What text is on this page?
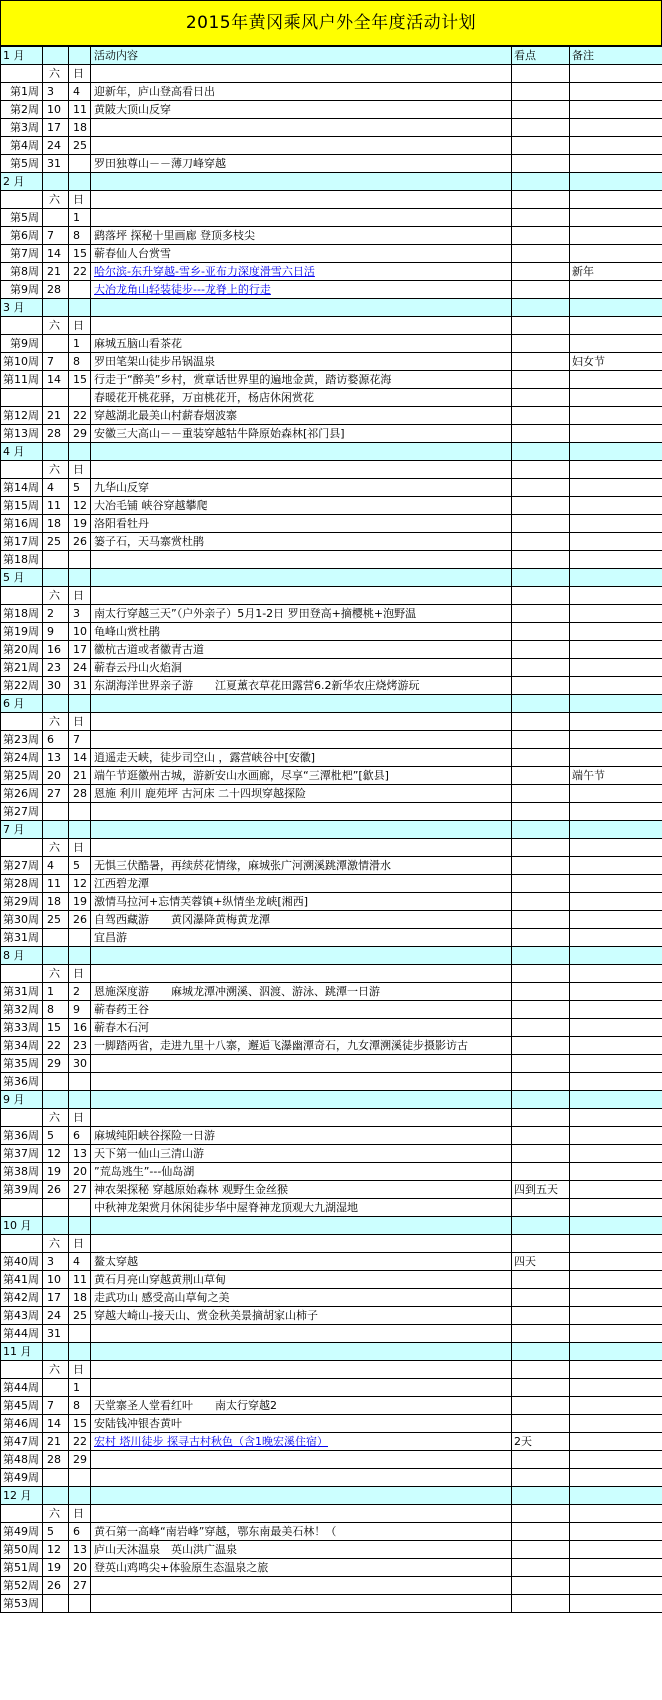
2015年黄冈乘风户外全年度活动计划
1 月			活动内容	看点	备注
	六	日			
第1周	3	4	迎新年，庐山登高看日出		
第2周	10	11	黄陂大顶山反穿		
第3周	17	18			
第4周	24	25			
第5周	31		罗田独尊山－－薄刀峰穿越		
2 月					
	六	日			
第5周		1			
第6周	7	8	鹞落坪 探秘十里画廊 登顶多枝尖		
第7周	14	15	蕲春仙人台赏雪		
第8周	21	22	哈尔滨-东升穿越-雪乡-亚布力深度滑雪六日活		新年
第9周	28		大冶龙角山轻装徒步---龙脊上的行走		
3 月					
	六	日			
第9周		1	麻城五脑山看茶花		
第10周	7	8	罗田笔架山徒步吊锅温泉		妇女节
第11周	14	15	行走于“醉美”乡村，赏章话世界里的遍地金黄，踏访婺源花海		
			春暖花开桃花驿，万亩桃花开，杨店休闲赏花		
第12周	21	22	穿越湖北最美山村薪春烟波寨		
第13周	28	29	安徽三大高山－－重装穿越牯牛降原始森林[祁门县]		
4 月					
	六	日			
第14周	4	5	九华山反穿		
第15周	11	12	大冶毛铺 峡谷穿越攀爬		
第16周	18	19	洛阳看牡丹		
第17周	25	26	篓子石，天马寨赏杜鹃		
第18周					
5 月					
	六	日			
第18周	2	3	南太行穿越三天”（户外亲子）5月1-2日 罗田登高+摘樱桃+泡野温		
第19周	9	10	龟峰山赏杜鹃		
第20周	16	17	徽杭古道或者徽青古道		
第21周	23	24	蕲春云丹山火焰洞		
第22周	30	31	东湖海洋世界亲子游　　江夏薰衣草花田露营6.2新华农庄烧烤游玩		
6 月					
	六	日			
第23周	6	7			
第24周	13	14	逍遥走天峡，徒步司空山 ，露营峡谷中[安徽]		
第25周	20	21	端午节逛徽州古城，游新安山水画廊，尽享“三潭枇杷”[歙县]		端午节
第26周	27	28	恩施 利川 鹿苑坪 古河床 二十四坝穿越探险		
第27周					
7 月					
	六	日			
第27周	4	5	无惧三伏酷暑，再续菸花情缘，麻城张广河溯溪跳潭激情滑水		
第28周	11	12	江西碧龙潭		
第29周	18	19	激情马拉河+忘情芙蓉镇+纵情坐龙峡[湘西]		
第30周	25	26	自驾西藏游　　黄冈瀑降黄梅黄龙潭		
第31周			宜昌游		
8 月					
	六	日			
第31周	1	2	恩施深度游　　麻城龙潭冲溯溪、泅渡、游泳、跳潭一日游		
第32周	8	9	蕲春药王谷		
第33周	15	16	蕲春木石河		
第34周	22	23	一脚踏两省，走进九里十八寨，邂逅飞瀑幽潭奇石，九女潭溯溪徒步摄影访古		
第35周	29	30			
第36周					
9 月					
	六	日			
第36周	5	6	麻城纯阳峡谷探险一日游		
第37周	12	13	天下第一仙山三清山游		
第38周	19	20	”荒岛逃生”---仙岛湖		
第39周	26	27	神农架探秘 穿越原始森林 观野生金丝猴	四到五天	
			中秋神龙架赏月休闲徒步华中屋脊神龙顶观大九湖湿地		
10 月					
	六	日			
第40周	3	4	鳌太穿越	四天	
第41周	10	11	黄石月亮山穿越黄荆山草甸		
第42周	17	18	走武功山 感受高山草甸之美		
第43周	24	25	穿越大崎山-接天山、赏金秋美景摘胡家山柿子		
第44周	31				
11 月					
	六	日			
第44周		1			
第45周	7	8	天堂寨圣人堂看红叶　　南太行穿越2		
第46周	14	15	安陆钱冲银杏黄叶		
第47周	21	22	宏村 塔川徒步 探寻古村秋色（含1晚宏溪住宿）	2天	
第48周	28	29			
第49周					
12 月					
	六	日			
第49周	5	6	黄石第一高峰“南岩峰”穿越，鄂东南最美石林！（		
第50周	12	13	庐山天沐温泉　英山洪广温泉		
第51周	19	20	登英山鸡鸣尖+体验原生态温泉之旅		
第52周	26	27			
第53周					
